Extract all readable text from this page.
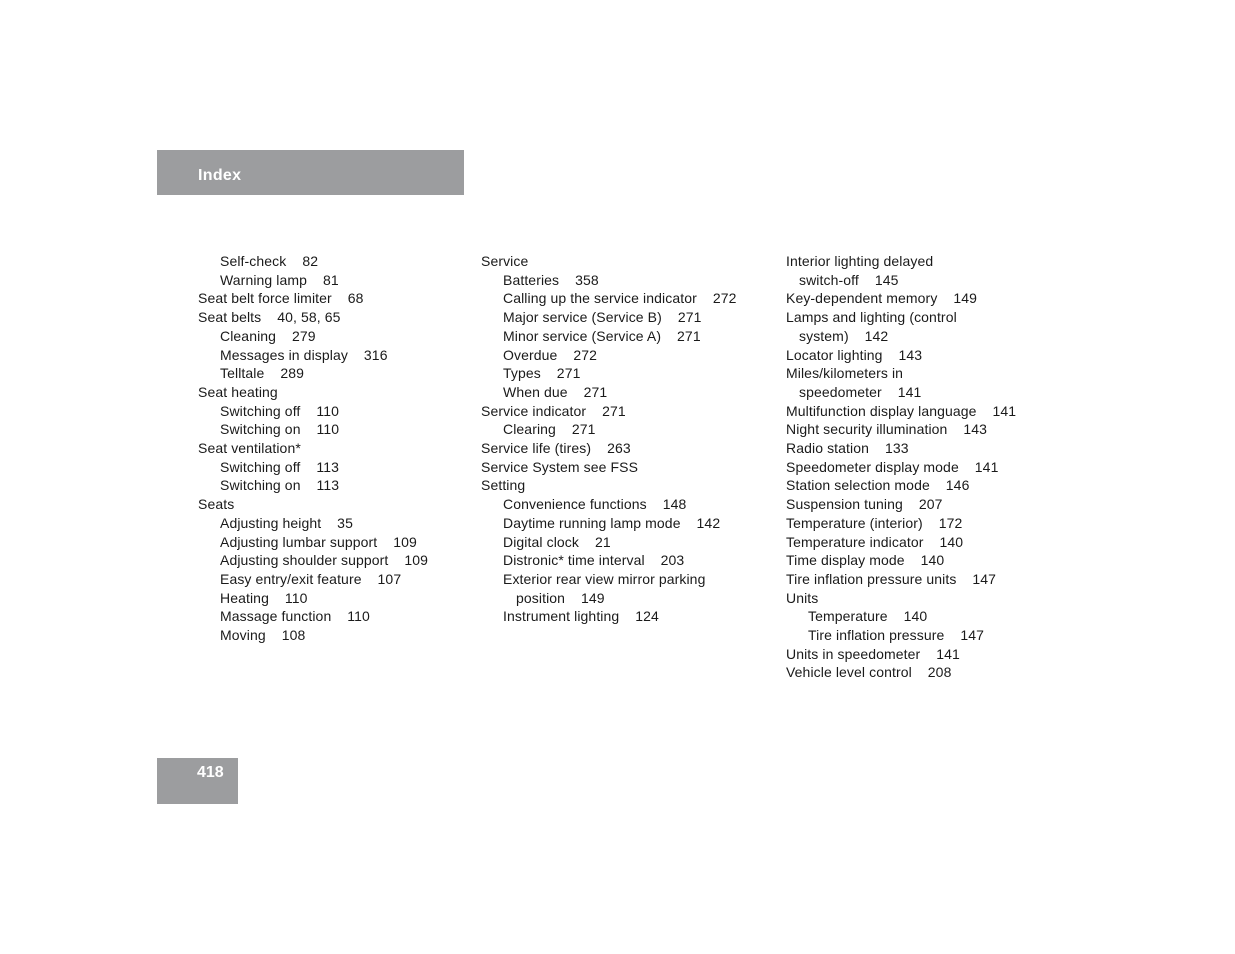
Index
Self-check    82
Warning lamp    81
Seat belt force limiter    68
Seat belts    40, 58, 65
Cleaning    279
Messages in display    316
Telltale    289
Seat heating
Switching off    110
Switching on    110
Seat ventilation*
Switching off    113
Switching on    113
Seats
Adjusting height    35
Adjusting lumbar support    109
Adjusting shoulder support    109
Easy entry/exit feature    107
Heating    110
Massage function    110
Moving    108
Service
Batteries    358
Calling up the service indicator    272
Major service (Service B)    271
Minor service (Service A)    271
Overdue    272
Types    271
When due    271
Service indicator    271
Clearing    271
Service life (tires)    263
Service System see FSS
Setting
Convenience functions    148
Daytime running lamp mode    142
Digital clock    21
Distronic* time interval    203
Exterior rear view mirror parking
position    149
Instrument lighting    124
Interior lighting delayed
switch-off    145
Key-dependent memory    149
Lamps and lighting (control
system)    142
Locator lighting    143
Miles/kilometers in
speedometer    141
Multifunction display language    141
Night security illumination    143
Radio station    133
Speedometer display mode    141
Station selection mode    146
Suspension tuning    207
Temperature (interior)    172
Temperature indicator    140
Time display mode    140
Tire inflation pressure units    147
Units
Temperature    140
Tire inflation pressure    147
Units in speedometer    141
Vehicle level control    208
418
